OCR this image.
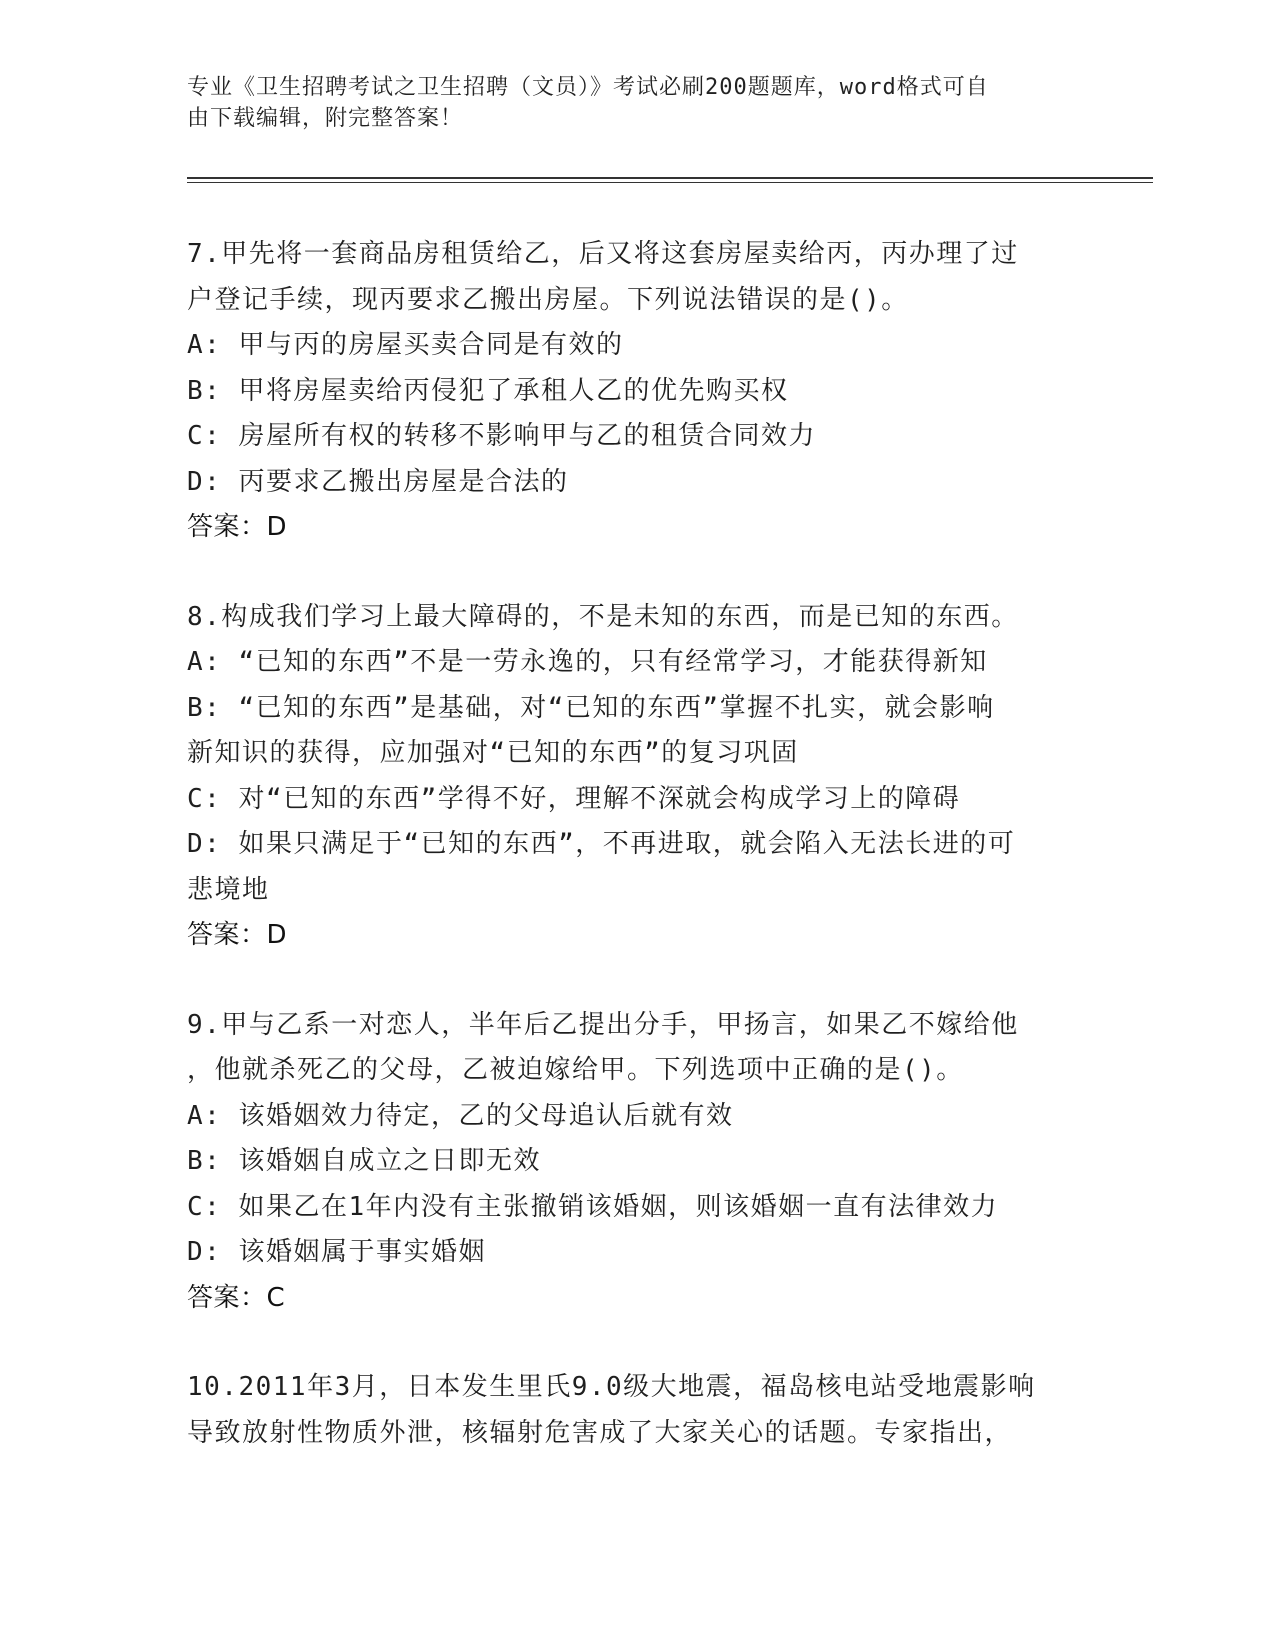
专业《卫生招聘考试之卫生招聘（文员）》考试必刷200题题库，word格式可自
由下载编辑，附完整答案！
7.甲先将一套商品房租赁给乙，后又将这套房屋卖给丙，丙办理了过
户登记手续，现丙要求乙搬出房屋。下列说法错误的是()。
A: 甲与丙的房屋买卖合同是有效的
B: 甲将房屋卖给丙侵犯了承租人乙的优先购买权
C: 房屋所有权的转移不影响甲与乙的租赁合同效力
D: 丙要求乙搬出房屋是合法的
答案：D
8.构成我们学习上最大障碍的，不是未知的东西，而是已知的东西。
A: “已知的东西”不是一劳永逸的，只有经常学习，才能获得新知
B: “已知的东西”是基础，对“已知的东西”掌握不扎实，就会影响
新知识的获得，应加强对“已知的东西”的复习巩固
C: 对“已知的东西”学得不好，理解不深就会构成学习上的障碍
D: 如果只满足于“已知的东西”，不再进取，就会陷入无法长进的可
悲境地
答案：D
9.甲与乙系一对恋人，半年后乙提出分手，甲扬言，如果乙不嫁给他
，他就杀死乙的父母，乙被迫嫁给甲。下列选项中正确的是()。
A: 该婚姻效力待定，乙的父母追认后就有效
B: 该婚姻自成立之日即无效
C: 如果乙在1年内没有主张撤销该婚姻，则该婚姻一直有法律效力
D: 该婚姻属于事实婚姻
答案：C
10.2011年3月，日本发生里氏9.0级大地震，福岛核电站受地震影响
导致放射性物质外泄，核辐射危害成了大家关心的话题。专家指出，
